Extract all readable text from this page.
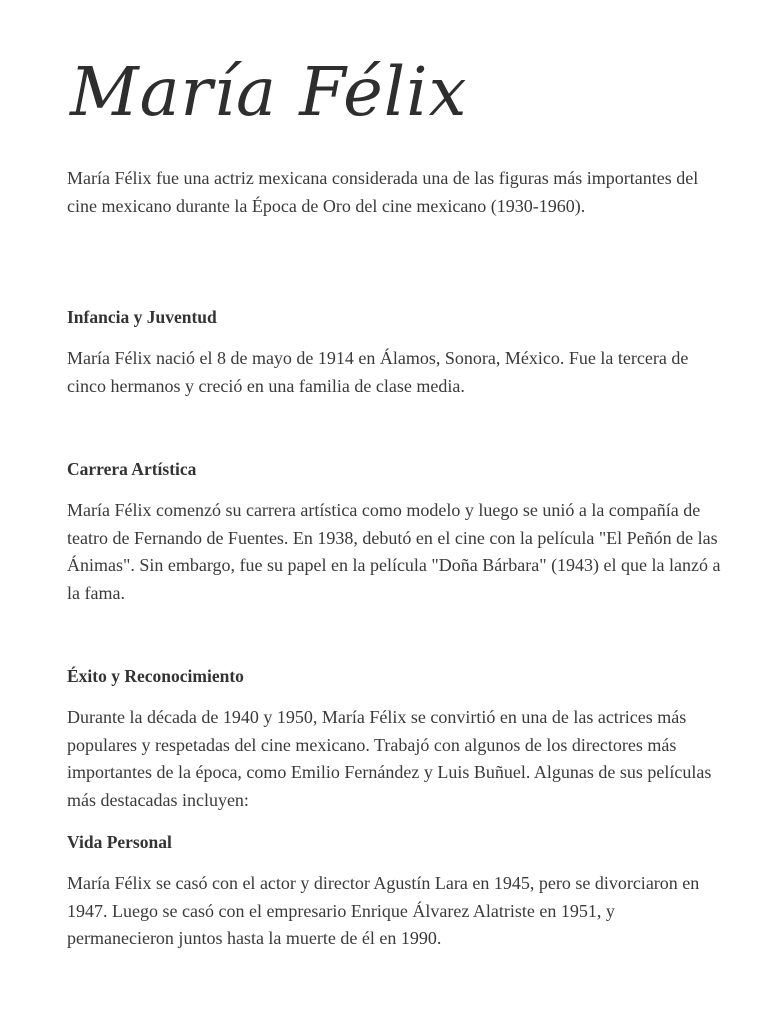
María Félix

María Félix fue una actriz mexicana considerada una de las figuras más importantes del cine mexicano durante la Época de Oro del cine mexicano (1930-1960).

Infancia y Juventud

María Félix nació el 8 de mayo de 1914 en Álamos, Sonora, México. Fue la tercera de cinco hermanos y creció en una familia de clase media.

Carrera Artística

María Félix comenzó su carrera artística como modelo y luego se unió a la compañía de teatro de Fernando de Fuentes. En 1938, debutó en el cine con la película "El Peñón de las Ánimas". Sin embargo, fue su papel en la película "Doña Bárbara" (1943) el que la lanzó a la fama.

Éxito y Reconocimiento

Durante la década de 1940 y 1950, María Félix se convirtió en una de las actrices más populares y respetadas del cine mexicano. Trabajó con algunos de los directores más importantes de la época, como Emilio Fernández y Luis Buñuel. Algunas de sus películas más destacadas incluyen:

Vida Personal

María Félix se casó con el actor y director Agustín Lara en 1945, pero se divorciaron en 1947. Luego se casó con el empresario Enrique Álvarez Alatriste en 1951, y permanecieron juntos hasta la muerte de él en 1990.
